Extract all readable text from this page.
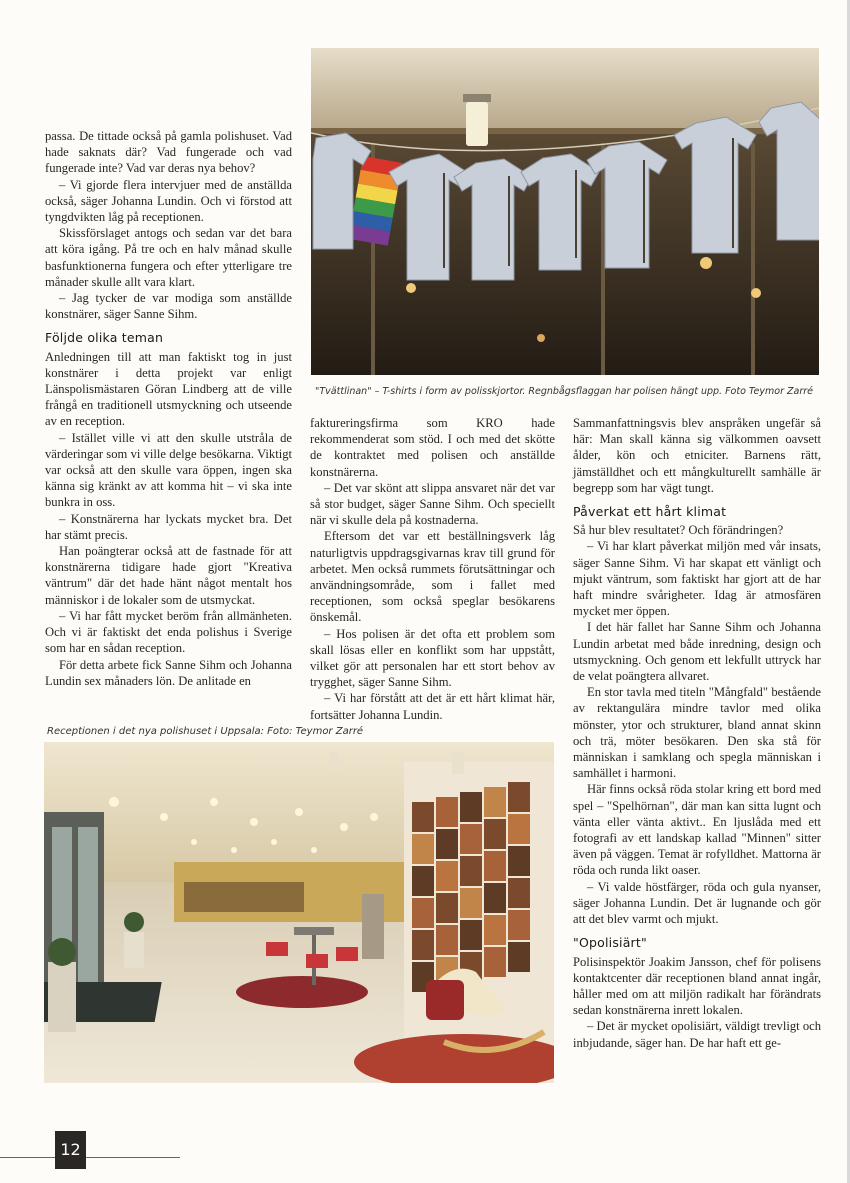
"Tvättlinan" – T-shirts i form av polisskjortor. Regnbågsflaggan har polisen hängt upp. Foto Teymor Zarré

passa. De tittade också på gamla polishuset. Vad hade saknats där? Vad fungerade och vad fungerade inte? Vad var deras nya behov?

– Vi gjorde flera intervjuer med de anställda också, säger Johanna Lundin. Och vi förstod att tyngdvikten låg på receptionen.

Skissförslaget antogs och sedan var det bara att köra igång. På tre och en halv månad skulle basfunktionerna fungera och efter ytterligare tre månader skulle allt vara klart.

– Jag tycker de var modiga som anställde konstnärer, säger Sanne Sihm.

Följde olika teman

Anledningen till att man faktiskt tog in just konstnärer i detta projekt var enligt Länspolismästaren Göran Lindberg att de ville frångå en traditionell utsmyckning och utseende av en reception.

– Istället ville vi att den skulle utstråla de värderingar som vi ville delge besökarna. Viktigt var också att den skulle vara öppen, ingen ska känna sig kränkt av att komma hit – vi ska inte bunkra in oss.

– Konstnärerna har lyckats mycket bra. Det har stämt precis.

Han poängterar också att de fastnade för att konstnärerna tidigare hade gjort "Kreativa väntrum" där det hade hänt något mentalt hos människor i de lokaler som de utsmyckat.

– Vi har fått mycket beröm från allmänheten. Och vi är faktiskt det enda polishus i Sverige som har en sådan reception.

För detta arbete fick Sanne Sihm och Johanna Lundin sex månaders lön. De anlitade en

faktureringsfirma som KRO hade rekommenderat som stöd. I och med det skötte de kontraktet med polisen och anställde konstnärerna.

– Det var skönt att slippa ansvaret när det var så stor budget, säger Sanne Sihm. Och speciellt när vi skulle dela på kostnaderna.

Eftersom det var ett beställningsverk låg naturligtvis uppdragsgivarnas krav till grund för arbetet. Men också rummets förutsättningar och användningsområde, som i fallet med receptionen, som också speglar besökarens önskemål.

– Hos polisen är det ofta ett problem som skall lösas eller en konflikt som har uppstått, vilket gör att personalen har ett stort behov av trygghet, säger Sanne Sihm.

– Vi har förstått att det är ett hårt klimat här, fortsätter Johanna Lundin.

Sammanfattningsvis blev anspråken ungefär så här: Man skall känna sig välkommen oavsett ålder, kön och etniciter. Barnens rätt, jämställdhet och ett mångkulturellt samhälle är begrepp som har vägt tungt.

Påverkat ett hårt klimat

Så hur blev resultatet? Och förändringen?

– Vi har klart påverkat miljön med vår insats, säger Sanne Sihm. Vi har skapat ett vänligt och mjukt väntrum, som faktiskt har gjort att de har haft mindre svårigheter. Idag är atmosfären mycket mer öppen.

I det här fallet har Sanne Sihm och Johanna Lundin arbetat med både inredning, design och utsmyckning. Och genom ett lekfullt uttryck har de velat poängtera allvaret.

En stor tavla med titeln "Mångfald" bestående av rektangulära mindre tavlor med olika mönster, ytor och strukturer, bland annat skinn och trä, möter besökaren. Den ska stå för människan i samklang och spegla människan i samhället i harmoni.

Här finns också röda stolar kring ett bord med spel – "Spelhörnan", där man kan sitta lugnt och vänta eller vänta aktivt.. En ljuslåda med ett fotografi av ett landskap kallad "Minnen" sitter även på väggen. Temat är rofylldhet. Mattorna är röda och runda likt oaser.

– Vi valde höstfärger, röda och gula nyanser, säger Johanna Lundin. Det är lugnande och gör att det blev varmt och mjukt.

"Opolisiärt"

Polisinspektör Joakim Jansson, chef för polisens kontaktcenter där receptionen bland annat ingår, håller med om att miljön radikalt har förändrats sedan konstnärerna inrett lokalen.

– Det är mycket opolisiärt, väldigt trevligt och inbjudande, säger han. De har haft ett ge-

Receptionen i det nya polishuset i Uppsala: Foto: Teymor Zarré
12
